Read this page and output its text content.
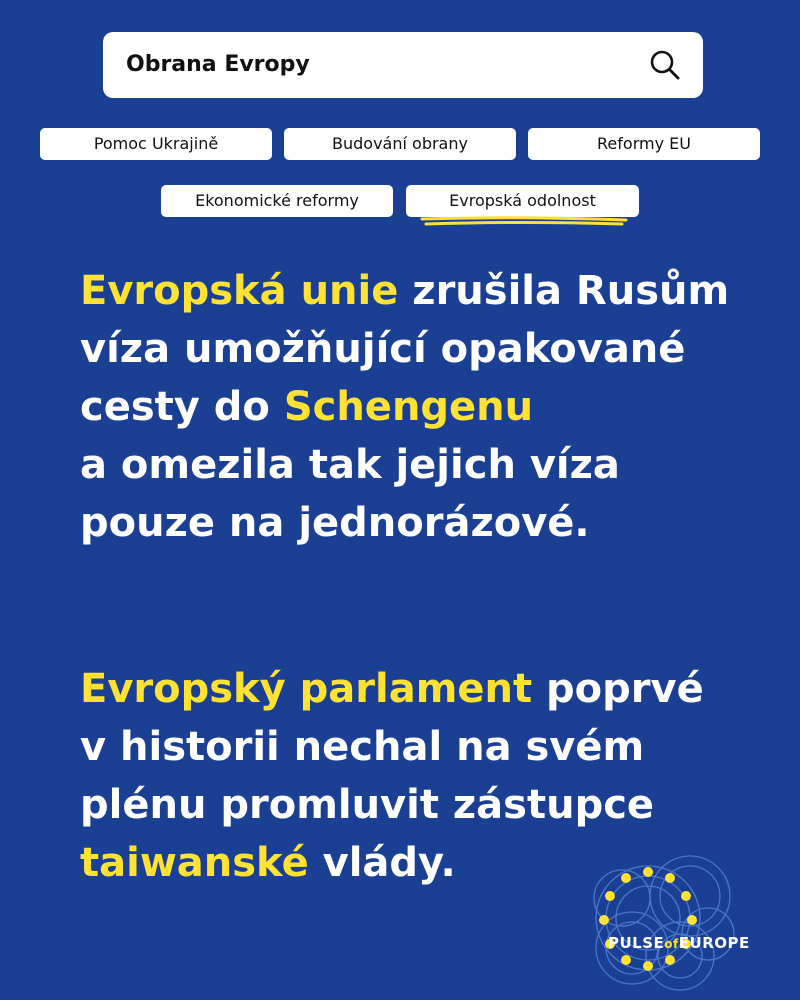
Obrana Evropy
Pomoc Ukrajině	Budování obrany	Reformy EU
Ekonomické reformy	Evropská odolnost
Evropská unie zrušila Rusům
víza umožňující opakované
cesty do Schengenu
a omezila tak jejich víza
pouze na jednorázové.
Evropský parlament poprvé
v historii nechal na svém
plénu promluvit zástupce
taiwanské vlády.
PULSEofEUROPE
